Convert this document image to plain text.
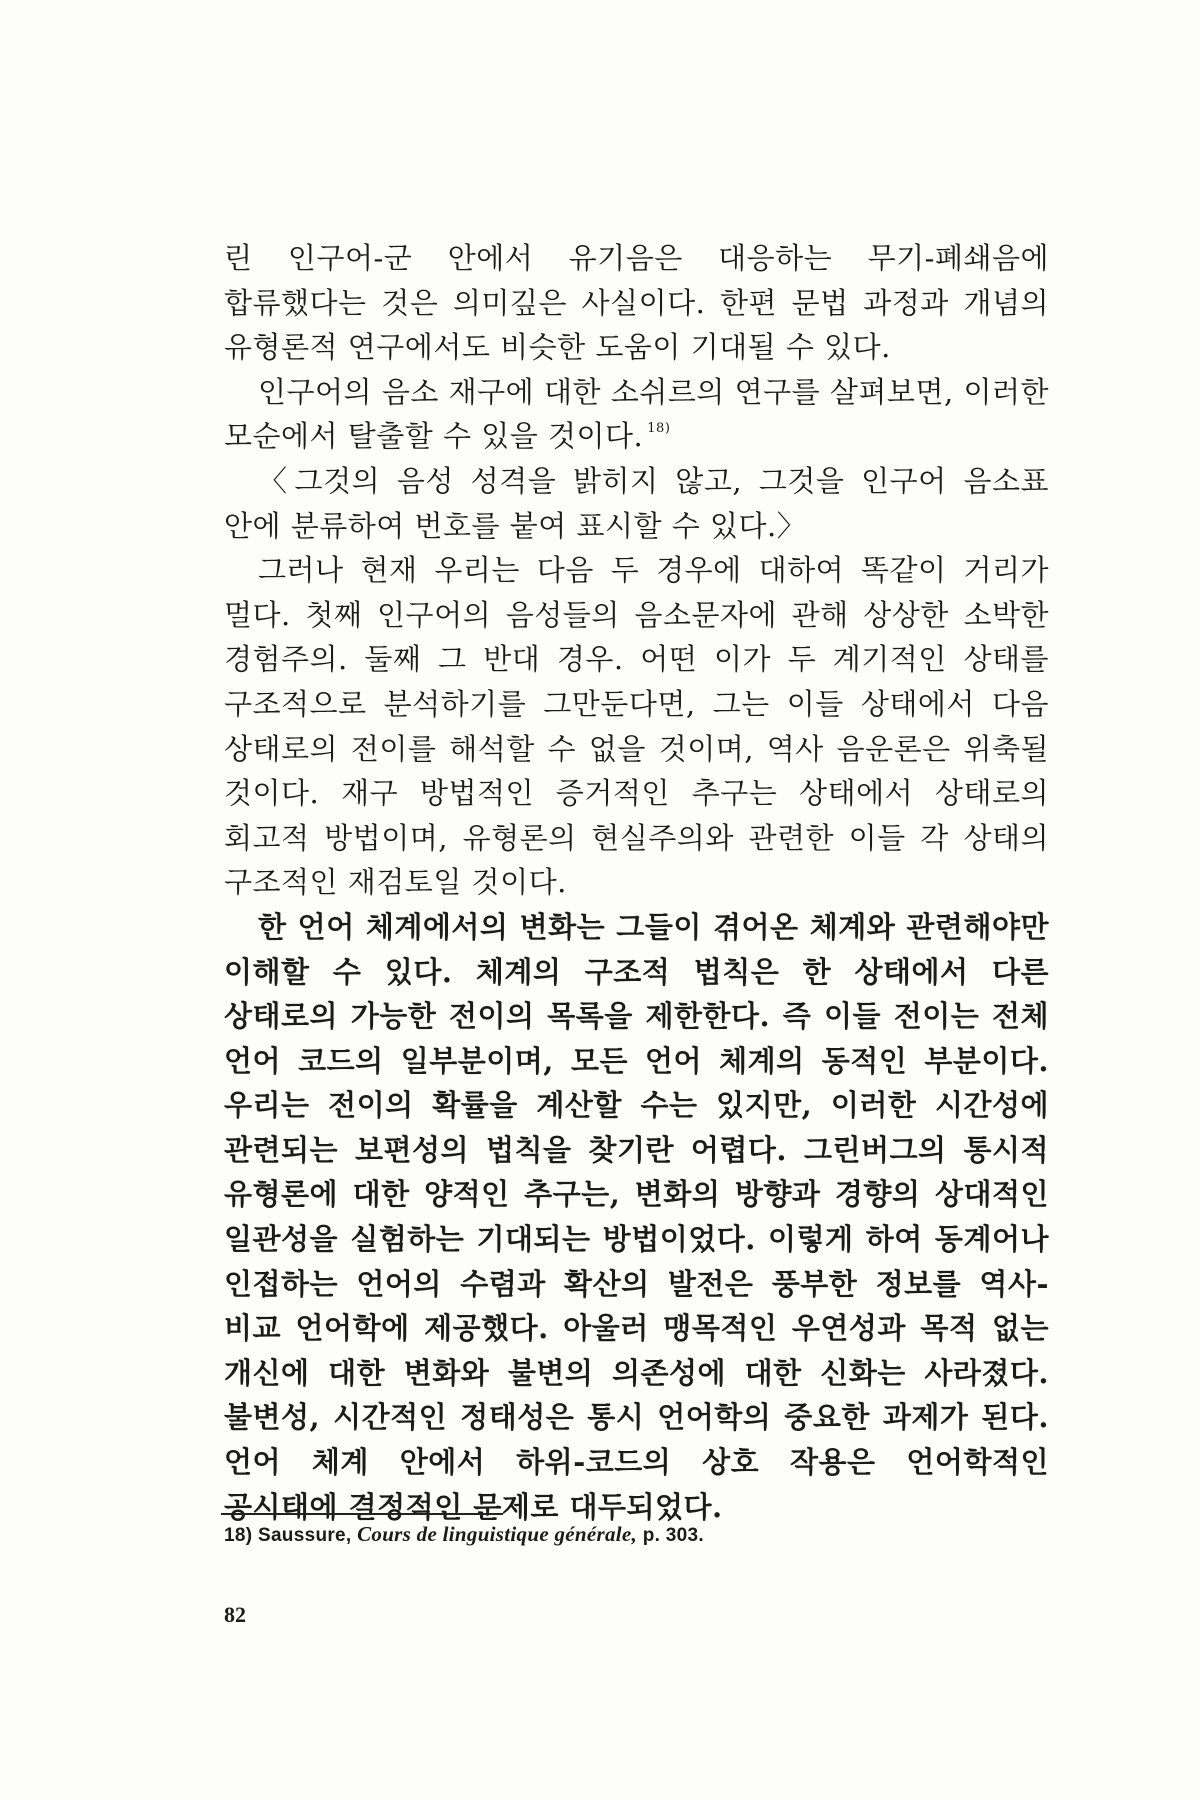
린 인구어-군 안에서 유기음은 대응하는 무기-폐쇄음에 합류했다는 것은 의미깊은 사실이다. 한편 문법 과정과 개념의 유형론적 연구에서도 비슷한 도움이 기대될 수 있다.

인구어의 음소 재구에 대한 소쉬르의 연구를 살펴보면, 이러한 모순에서 탈출할 수 있을 것이다. $^{18)}$

〈그것의 음성 성격을 밝히지 않고, 그것을 인구어 음소표 안에 분류하여 번호를 붙여 표시할 수 있다.〉

그러나 현재 우리는 다음 두 경우에 대하여 똑같이 거리가 멀다. 첫째 인구어의 음성들의 음소문자에 관해 상상한 소박한 경험주의. 둘째 그 반대 경우. 어떤 이가 두 계기적인 상태를 구조적으로 분석하기를 그만둔다면, 그는 이들 상태에서 다음 상태로의 전이를 해석할 수 없을 것이며, 역사 음운론은 위축될 것이다. 재구 방법적인 증거적인 추구는 상태에서 상태로의 회고적 방법이며, 유형론의 현실주의와 관련한 이들 각 상태의 구조적인 재검토일 것이다.

한 언어 체계에서의 변화는 그들이 겪어온 체계와 관련해야만 이해할 수 있다. 체계의 구조적 법칙은 한 상태에서 다른 상태로의 가능한 전이의 목록을 제한한다. 즉 이들 전이는 전체 언어 코드의 일부분이며, 모든 언어 체계의 동적인 부분이다. 우리는 전이의 확률을 계산할 수는 있지만, 이러한 시간성에 관련되는 보편성의 법칙을 찾기란 어렵다. 그린버그의 통시적 유형론에 대한 양적인 추구는, 변화의 방향과 경향의 상대적인 일관성을 실험하는 기대되는 방법이었다. 이렇게 하여 동계어나 인접하는 언어의 수렴과 확산의 발전은 풍부한 정보를 역사-비교 언어학에 제공했다. 아울러 맹목적인 우연성과 목적 없는 개신에 대한 변화와 불변의 의존성에 대한 신화는 사라졌다. 불변성, 시간적인 정태성은 통시 언어학의 중요한 과제가 된다. 언어 체계 안에서 하위-코드의 상호 작용은 언어학적인 공시태에 결정적인 문제로 대두되었다.

18) Saussure, Cours de linguistique générale, p. 303.
82
